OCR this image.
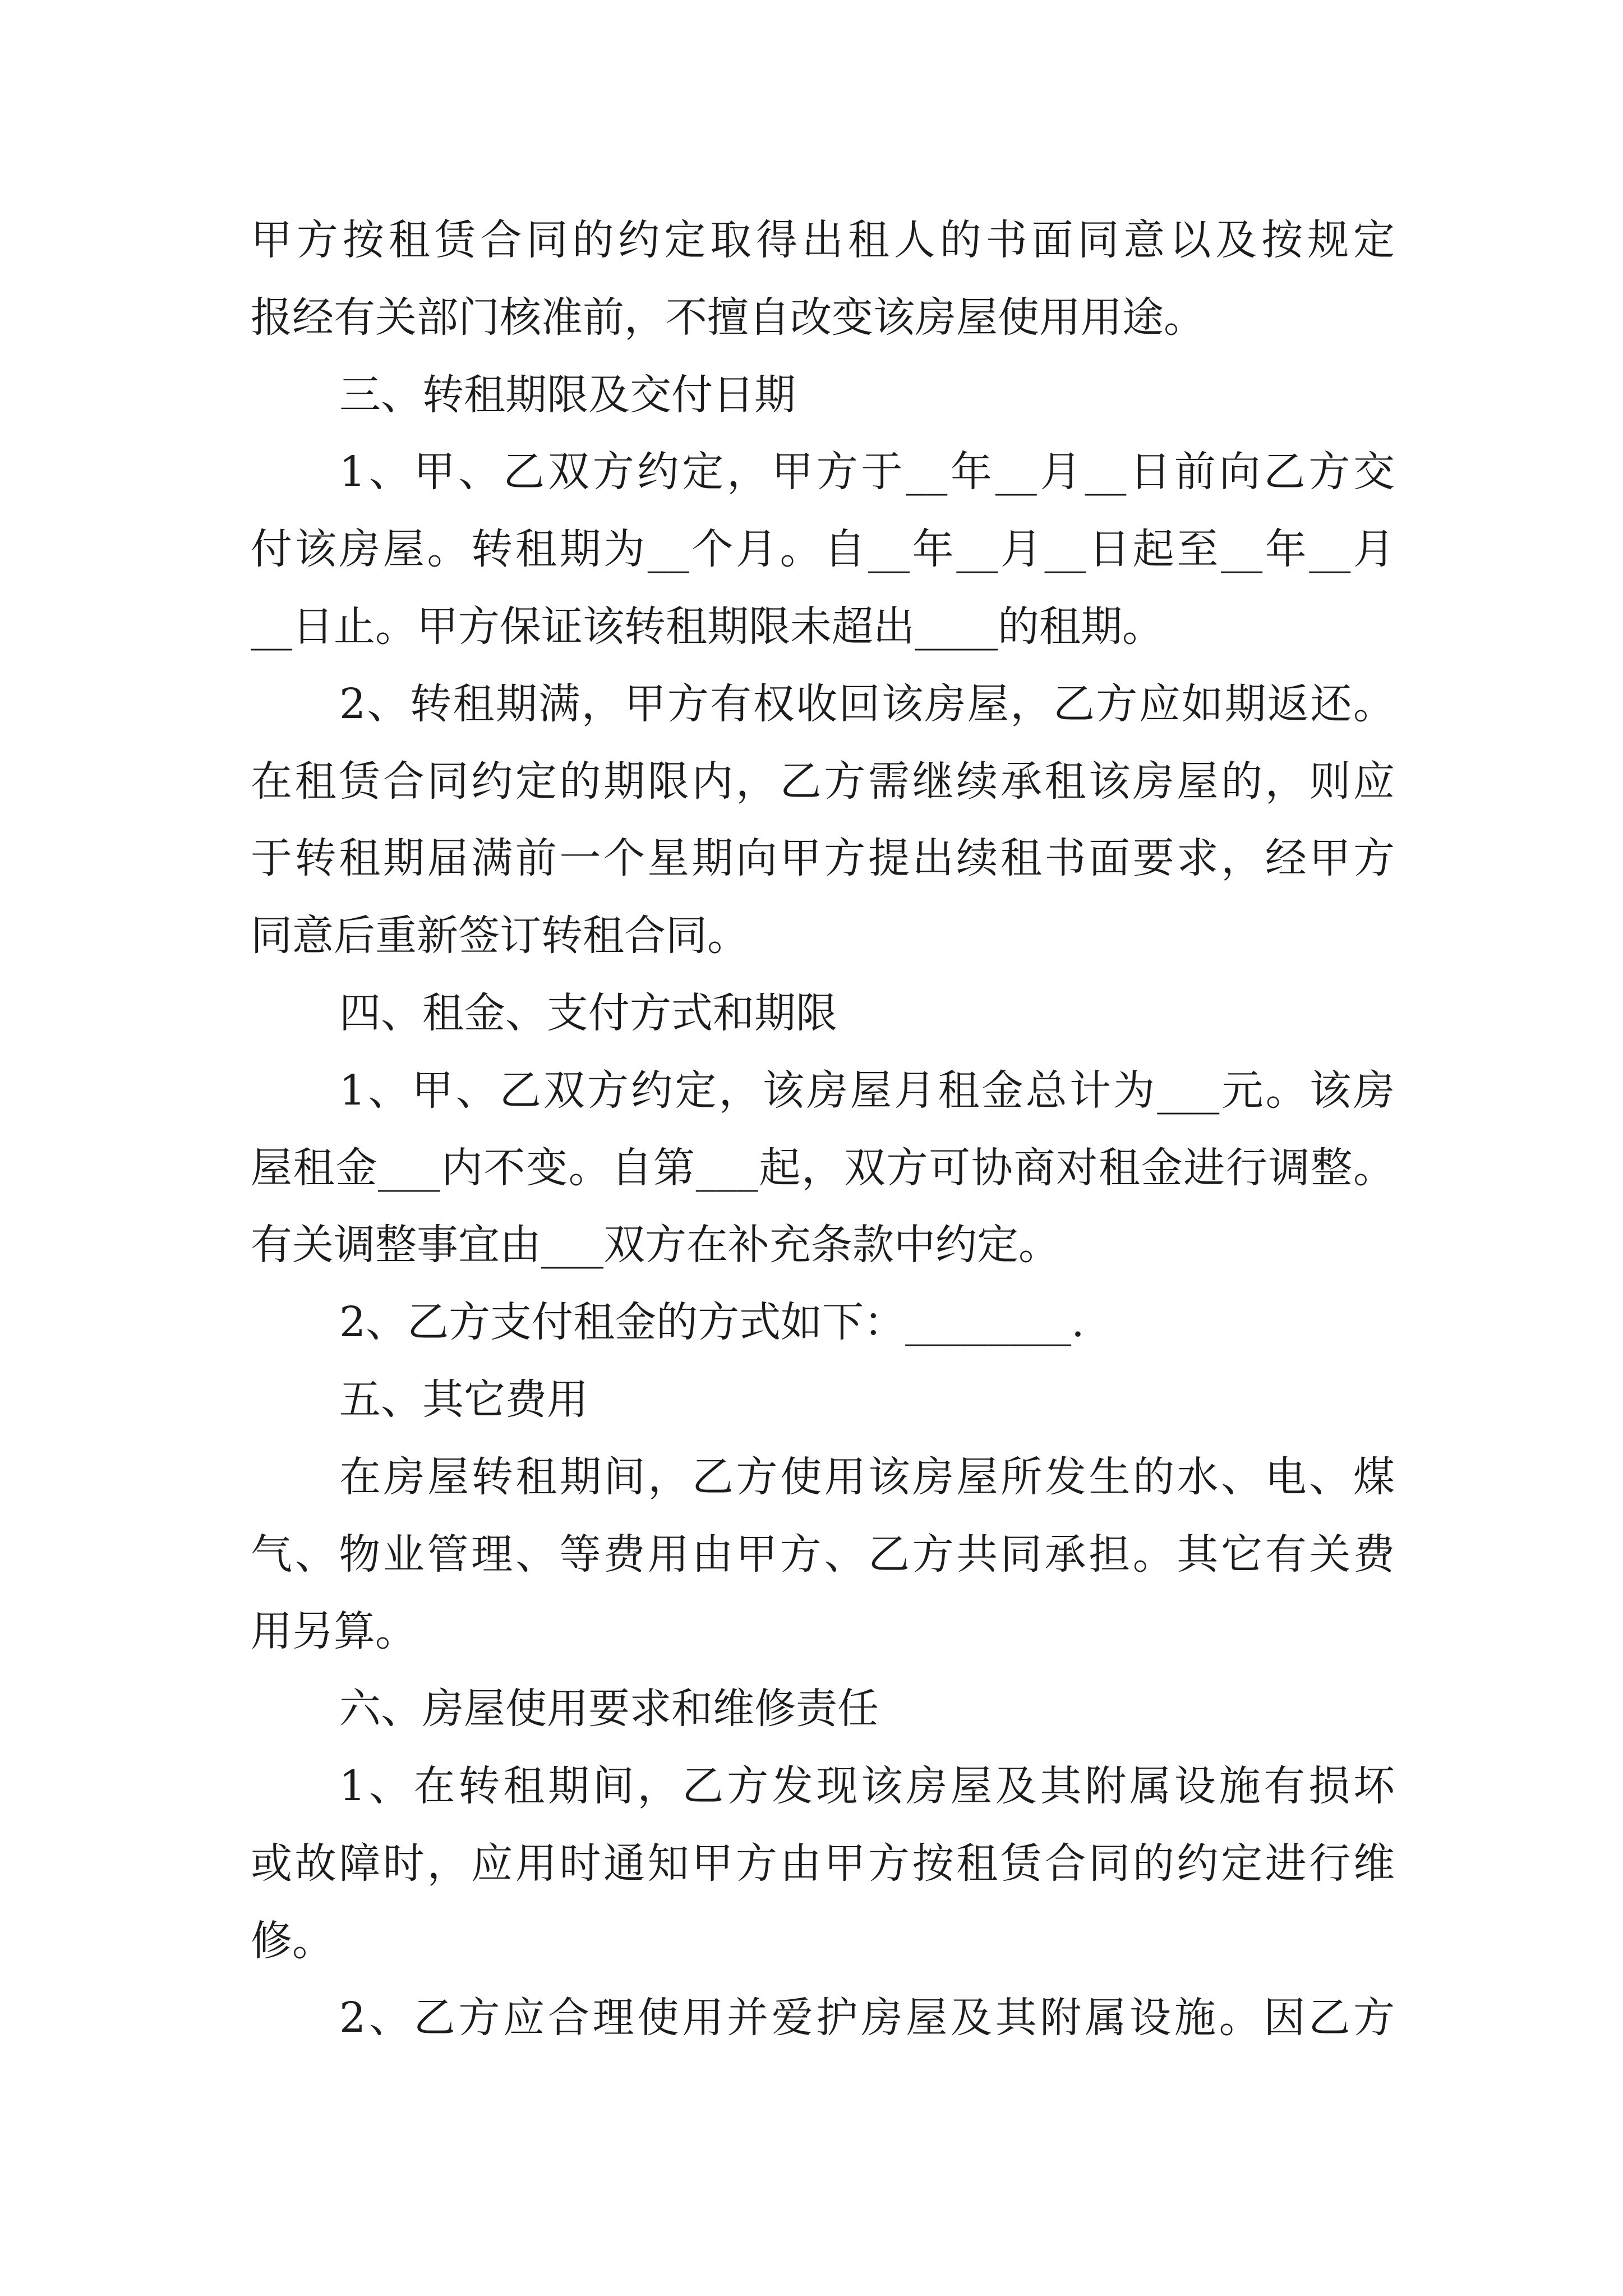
甲方按租赁合同的约定取得出租人的书面同意以及按规定
报经有关部门核准前，不擅自改变该房屋使用用途。
三、转租期限及交付日期
1、甲、乙双方约定，甲方于__年__月__日前向乙方交
付该房屋。转租期为__个月。自__年__月__日起至__年__月
__日止。甲方保证该转租期限未超出____的租期。
2、转租期满，甲方有权收回该房屋，乙方应如期返还。
在租赁合同约定的期限内，乙方需继续承租该房屋的，则应
于转租期届满前一个星期向甲方提出续租书面要求，经甲方
同意后重新签订转租合同。
四、租金、支付方式和期限
1、甲、乙双方约定，该房屋月租金总计为___元。该房
屋租金___内不变。自第___起，双方可协商对租金进行调整。
有关调整事宜由___双方在补充条款中约定。
2、乙方支付租金的方式如下：________.
五、其它费用
在房屋转租期间，乙方使用该房屋所发生的水、电、煤
气、物业管理、等费用由甲方、乙方共同承担。其它有关费
用另算。
六、房屋使用要求和维修责任
1、在转租期间，乙方发现该房屋及其附属设施有损坏
或故障时，应用时通知甲方由甲方按租赁合同的约定进行维
修。
2、乙方应合理使用并爱护房屋及其附属设施。因乙方
